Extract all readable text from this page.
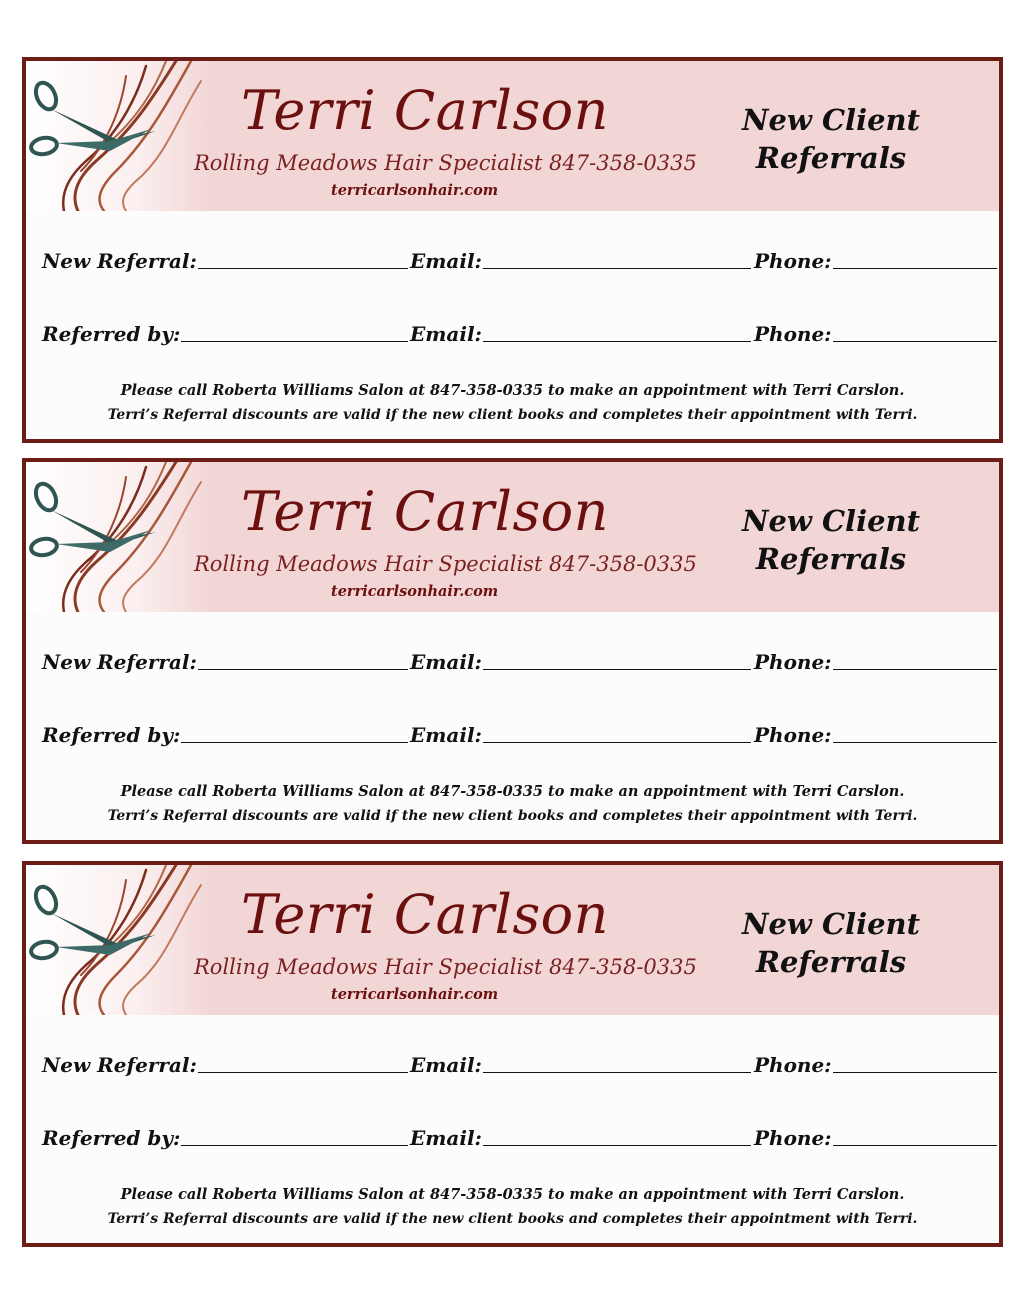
Terri Carlson
Rolling Meadows Hair Specialist 847-358-0335
terricarlsonhair.com
New Client
Referrals
New Referral:	Email:	Phone:
Referred by:	Email:	Phone:

Please call Roberta Williams Salon at 847-358-0335 to make an appointment with Terri Carslon.

Terri’s Referral discounts are valid if the new client books and completes their appointment with Terri.

Terri Carlson
Rolling Meadows Hair Specialist 847-358-0335
terricarlsonhair.com
New Client
Referrals
New Referral:	Email:	Phone:
Referred by:	Email:	Phone:

Please call Roberta Williams Salon at 847-358-0335 to make an appointment with Terri Carslon.

Terri’s Referral discounts are valid if the new client books and completes their appointment with Terri.

Terri Carlson
Rolling Meadows Hair Specialist 847-358-0335
terricarlsonhair.com
New Client
Referrals
New Referral:	Email:	Phone:
Referred by:	Email:	Phone:

Please call Roberta Williams Salon at 847-358-0335 to make an appointment with Terri Carslon.

Terri’s Referral discounts are valid if the new client books and completes their appointment with Terri.
